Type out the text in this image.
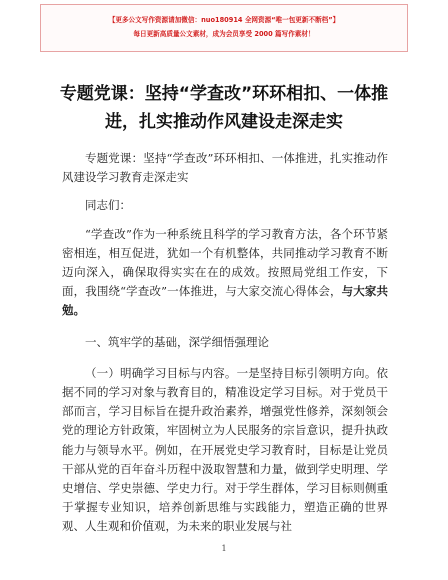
【更多公文写作资源请加微信：nuo180914 全网资源“唯一包更新不断档”】

每日更新高质量公文素材，成为会员享受 2000 篇写作素材！

专题党课：坚持“学查改”环环相扣、一体推进，扎实推动作风建设走深走实

专题党课：坚持“学查改”环环相扣、一体推进，扎实推动作风建设学习教育走深走实

同志们：

“学查改”作为一种系统且科学的学习教育方法，各个环节紧密相连，相互促进，犹如一个有机整体，共同推动学习教育不断迈向深入，确保取得实实在在的成效。按照局党组工作安，下面，我围绕“学查改”一体推进，与大家交流心得体会，与大家共勉。

一、筑牢学的基础，深学细悟强理论

（一）明确学习目标与内容。一是坚持目标引领明方向。依据不同的学习对象与教育目的，精准设定学习目标。对于党员干部而言，学习目标旨在提升政治素养，增强党性修养，深刻领会党的理论方针政策，牢固树立为人民服务的宗旨意识，提升执政能力与领导水平。例如，在开展党史学习教育时，目标是让党员干部从党的百年奋斗历程中汲取智慧和力量，做到学史明理、学史增信、学史崇德、学史力行。对于学生群体，学习目标则侧重于掌握专业知识，培养创新思维与实践能力，塑造正确的世界观、人生观和价值观，为未来的职业发展与社

1
